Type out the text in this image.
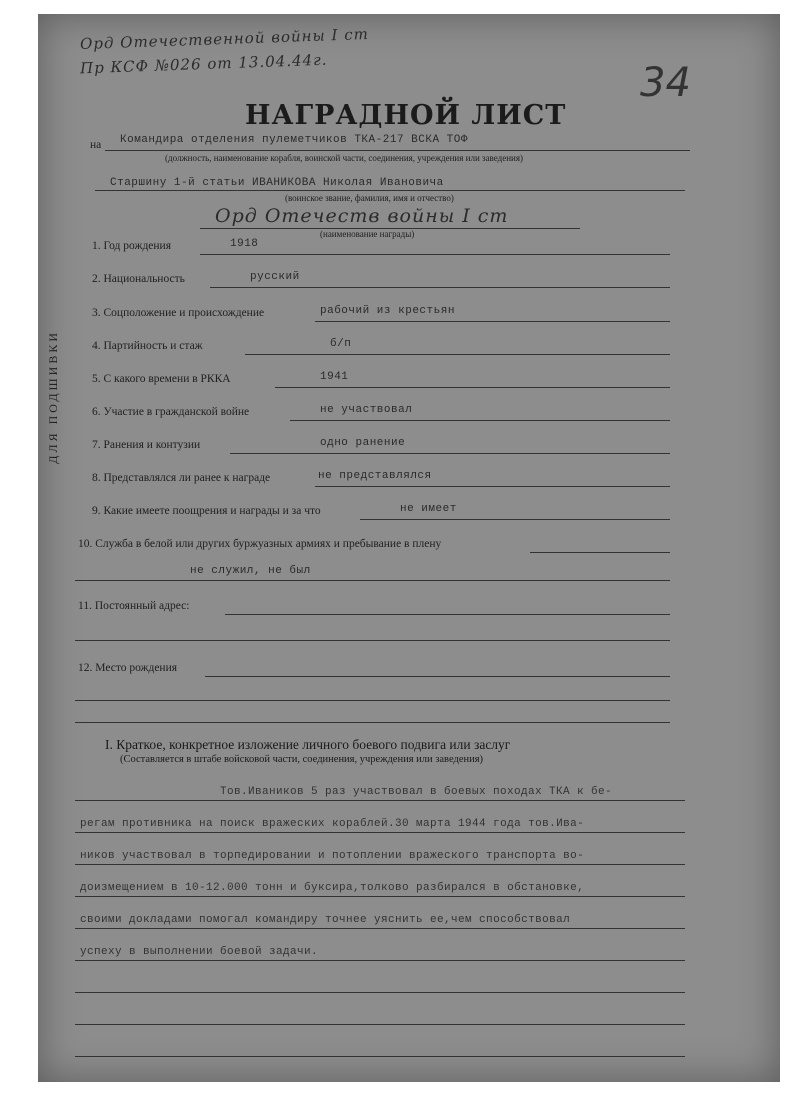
Орд Отечественной войны I ст
Пр КСФ №026 от 13.04.44г.	34
НАГРАДНОЙ ЛИСТ
на Командира отделения пулеметчиков ТКА-217 ВСКА ТОФ
(должность, наименование корабля, воинской части, соединения, учреждения или заведения)
Старшину 1-й статьи ИВАНИКОВА Николая Ивановича
(воинское звание, фамилия, имя и отчество)
Орд Отечеств войны I ст
(наименование награды)
ДЛЯ ПОДШИВКИ
1. Год рождения	1918
2. Национальность	русский
3. Соцположение и происхождение	рабочий из крестьян
4. Партийность и стаж	б/п
5. С какого времени в РККА	1941
6. Участие в гражданской войне	не участвовал
7. Ранения и контузии	одно ранение
8. Представлялся ли ранее к награде	не представлялся
9. Какие имеете поощрения и награды и за что	не имеет
10. Служба в белой или других буржуазных армиях и пребывание в плену
не служил, не был
11. Постоянный адрес:
12. Место рождения
I. Краткое, конкретное изложение личного боевого подвига или заслуг
(Составляется в штабе войсковой части, соединения, учреждения или заведения)
Тов.Иваников 5 раз участвовал в боевых походах ТКА к бе-
регам противника на поиск вражеских кораблей.30 марта 1944 года тов.Ива-
ников участвовал в торпедировании и потоплении вражеского транспорта во-
доизмещением в 10-12.000 тонн и буксира,толково разбирался в обстановке,
своими докладами помогал командиру точнее уяснить ее,чем способствовал
успеху в выполнении боевой задачи.
